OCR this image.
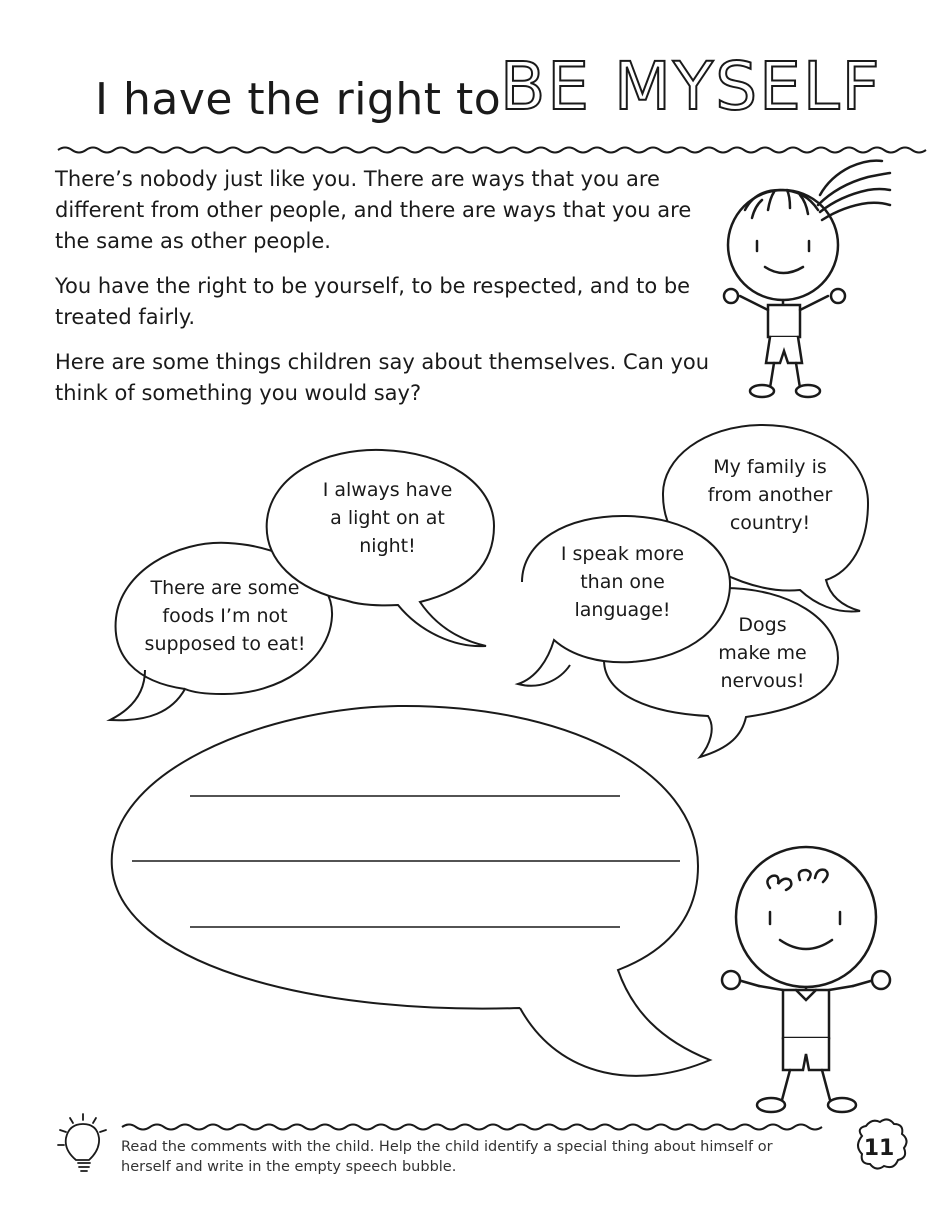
I have the right to
BE MYSELF

There’s nobody just like you. There are ways that you are different from other people, and there are ways that you are the same as other people.

You have the right to be yourself, to be respected, and to be treated fairly.

Here are some things children say about themselves. Can you think of something you would say?

There are some
foods I’m not
supposed to eat!
I always have
a light on at
night!	I speak more
than one
language!
My family is
from another
country!
Dogs
make me
nervous!
Read the comments with the child. Help the child identify a special thing about himself or herself and write in the empty speech bubble.
11
